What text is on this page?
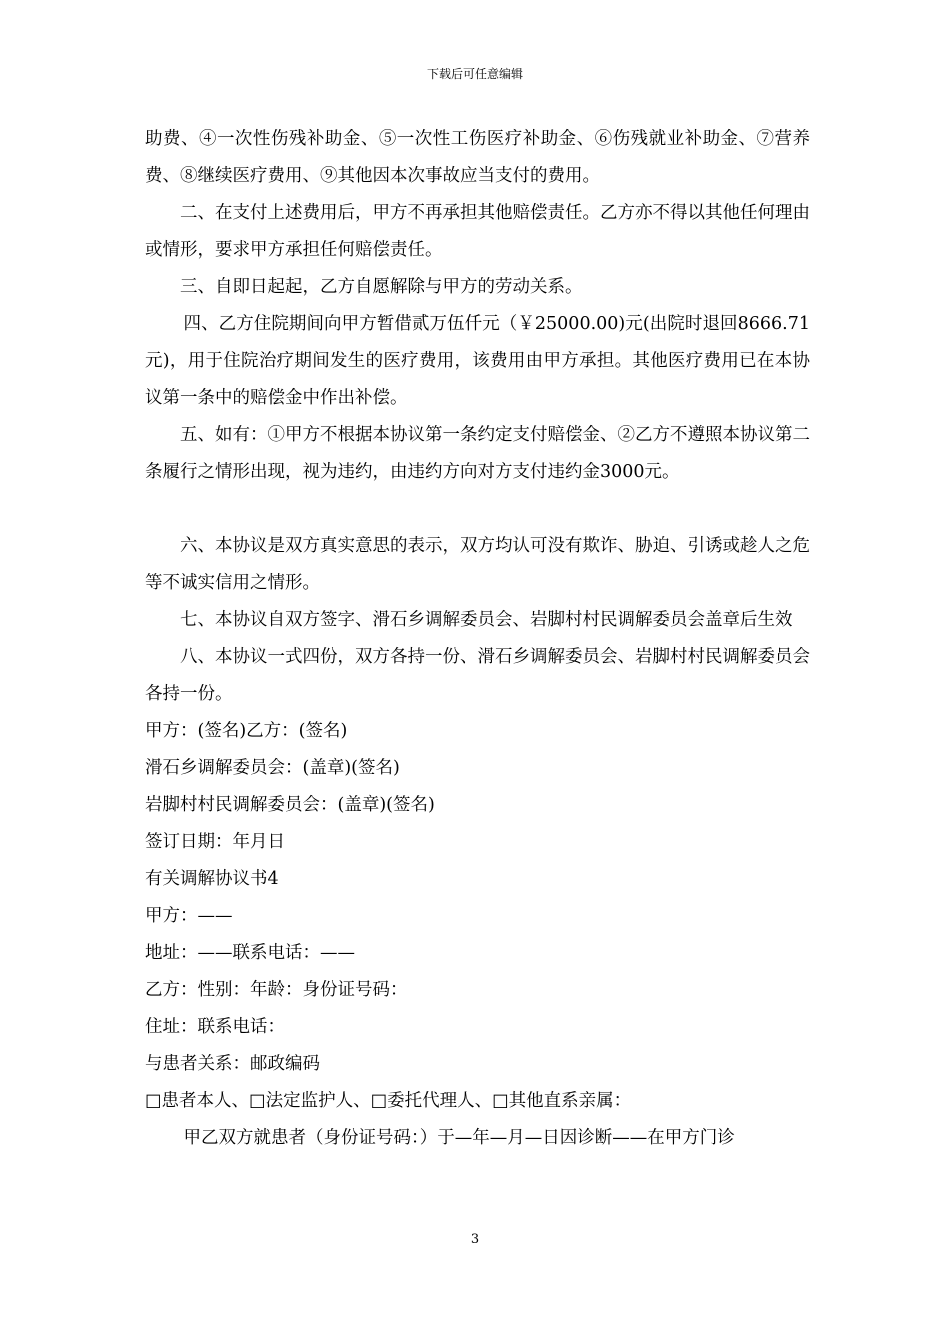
下载后可任意编辑

助费、④一次性伤残补助金、⑤一次性工伤医疗补助金、⑥伤残就业补助金、⑦营养费、⑧继续医疗费用、⑨其他因本次事故应当支付的费用。

二、在支付上述费用后，甲方不再承担其他赔偿责任。乙方亦不得以其他任何理由或情形，要求甲方承担任何赔偿责任。

三、自即日起起，乙方自愿解除与甲方的劳动关系。

四、乙方住院期间向甲方暂借贰万伍仟元（￥25000.00)元(出院时退回8666.71元)，用于住院治疗期间发生的医疗费用，该费用由甲方承担。其他医疗费用已在本协议第一条中的赔偿金中作出补偿。

五、如有：①甲方不根据本协议第一条约定支付赔偿金、②乙方不遵照本协议第二条履行之情形出现，视为违约，由违约方向对方支付违约金3000元。

六、本协议是双方真实意思的表示，双方均认可没有欺诈、胁迫、引诱或趁人之危等不诚实信用之情形。

七、本协议自双方签字、滑石乡调解委员会、岩脚村村民调解委员会盖章后生效

八、本协议一式四份，双方各持一份、滑石乡调解委员会、岩脚村村民调解委员会各持一份。

甲方：(签名)乙方：(签名)

滑石乡调解委员会：(盖章)(签名)

岩脚村村民调解委员会：(盖章)(签名)

签订日期：年月日

有关调解协议书4

甲方：——

地址：——联系电话：——

乙方：性别：年龄：身份证号码：

住址：联系电话：

与患者关系：邮政编码

□患者本人、□法定监护人、□委托代理人、□其他直系亲属：

甲乙双方就患者（身份证号码：）于—年—月—日因诊断——在甲方门诊

3
